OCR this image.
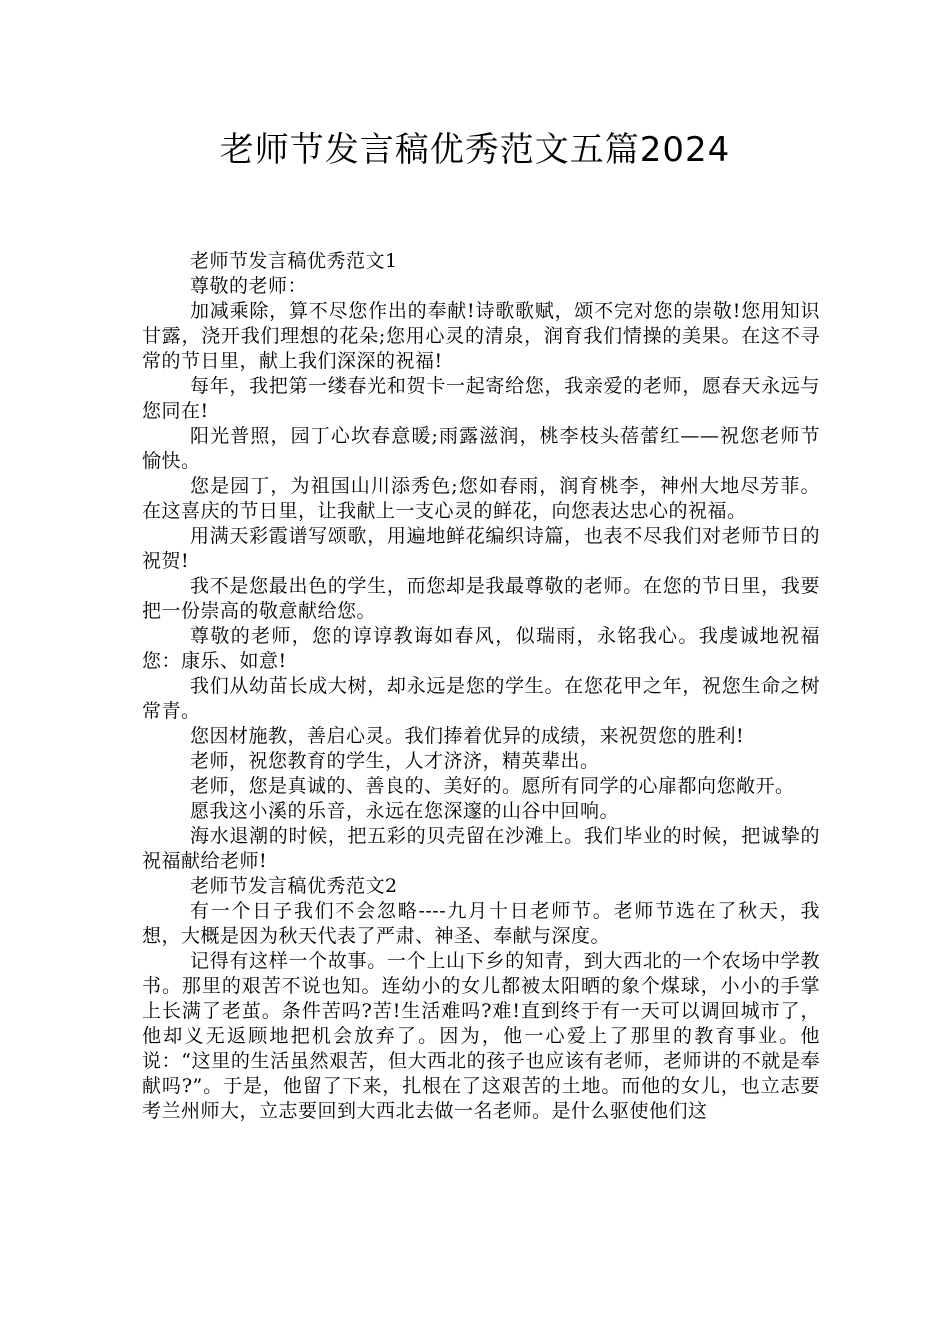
老师节发言稿优秀范文五篇2024

老师节发言稿优秀范文1

尊敬的老师：

加减乘除，算不尽您作出的奉献!诗歌歌赋，颂不完对您的崇敬!您用知识甘露，浇开我们理想的花朵;您用心灵的清泉，润育我们情操的美果。在这不寻常的节日里，献上我们深深的祝福!

每年，我把第一缕春光和贺卡一起寄给您，我亲爱的老师，愿春天永远与您同在!

阳光普照，园丁心坎春意暖;雨露滋润，桃李枝头蓓蕾红——祝您老师节愉快。

您是园丁，为祖国山川添秀色;您如春雨，润育桃李，神州大地尽芳菲。在这喜庆的节日里，让我献上一支心灵的鲜花，向您表达忠心的祝福。

用满天彩霞谱写颂歌，用遍地鲜花编织诗篇，也表不尽我们对老师节日的祝贺!

我不是您最出色的学生，而您却是我最尊敬的老师。在您的节日里，我要把一份崇高的敬意献给您。

尊敬的老师，您的谆谆教诲如春风，似瑞雨，永铭我心。我虔诚地祝福您：康乐、如意!

我们从幼苗长成大树，却永远是您的学生。在您花甲之年，祝您生命之树常青。

您因材施教，善启心灵。我们捧着优异的成绩，来祝贺您的胜利!

老师，祝您教育的学生，人才济济，精英辈出。

老师，您是真诚的、善良的、美好的。愿所有同学的心扉都向您敞开。

愿我这小溪的乐音，永远在您深邃的山谷中回响。

海水退潮的时候，把五彩的贝壳留在沙滩上。我们毕业的时候，把诚挚的祝福献给老师!

老师节发言稿优秀范文2

有一个日子我们不会忽略----九月十日老师节。老师节选在了秋天，我想，大概是因为秋天代表了严肃、神圣、奉献与深度。

记得有这样一个故事。一个上山下乡的知青，到大西北的一个农场中学教书。那里的艰苦不说也知。连幼小的女儿都被太阳晒的象个煤球，小小的手掌上长满了老茧。条件苦吗?苦!生活难吗?难!直到终于有一天可以调回城市了，他却义无返顾地把机会放弃了。因为，他一心爱上了那里的教育事业。他说：“这里的生活虽然艰苦，但大西北的孩子也应该有老师，老师讲的不就是奉献吗?”。于是，他留了下来，扎根在了这艰苦的土地。而他的女儿，也立志要考兰州师大，立志要回到大西北去做一名老师。是什么驱使他们这
